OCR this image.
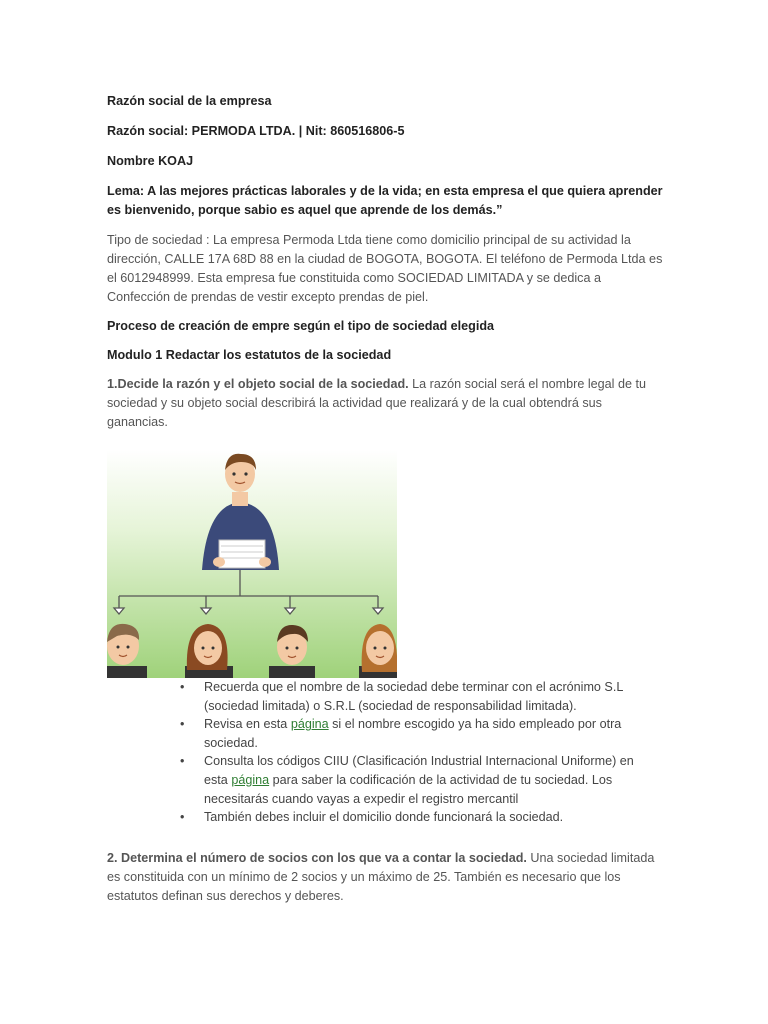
Razón social de la empresa

Razón social: PERMODA LTDA. | Nit: 860516806-5

Nombre KOAJ

Lema: A las mejores prácticas laborales y de la vida; en esta empresa el que quiera aprender es bienvenido, porque sabio es aquel que aprende de los demás.”

Tipo de sociedad : La empresa Permoda Ltda tiene como domicilio principal de su actividad la dirección, CALLE 17A 68D 88 en la ciudad de BOGOTA, BOGOTA. El teléfono de Permoda Ltda es el 6012948999. Esta empresa fue constituida como SOCIEDAD LIMITADA y se dedica a Confección de prendas de vestir excepto prendas de piel.

Proceso de creación de empre según el tipo de sociedad elegida

Modulo 1 Redactar los estatutos de la sociedad

1.Decide la razón y el objeto social de la sociedad. La razón social será el nombre legal de tu sociedad y su objeto social describirá la actividad que realizará y de la cual obtendrá sus ganancias.

• Recuerda que el nombre de la sociedad debe terminar con el acrónimo S.L (sociedad limitada) o S.R.L (sociedad de responsabilidad limitada).
• Revisa en esta página si el nombre escogido ya ha sido empleado por otra sociedad.
• Consulta los códigos CIIU (Clasificación Industrial Internacional Uniforme) en esta página para saber la codificación de la actividad de tu sociedad. Los necesitarás cuando vayas a expedir el registro mercantil
• También debes incluir el domicilio donde funcionará la sociedad.

2. Determina el número de socios con los que va a contar la sociedad. Una sociedad limitada es constituida con un mínimo de 2 socios y un máximo de 25. También es necesario que los estatutos definan sus derechos y deberes.
